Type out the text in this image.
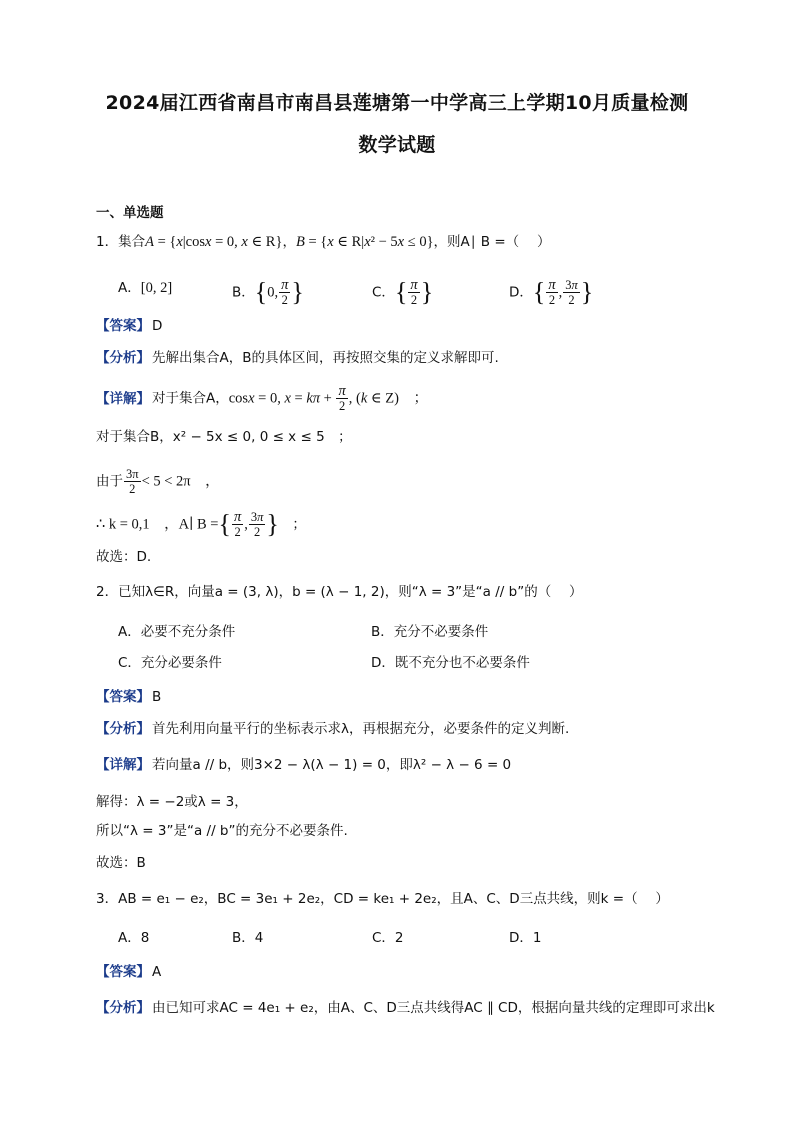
2024届江西省南昌市南昌县莲塘第一中学高三上学期10月质量检测
数学试题
一、单选题
1．集合A = {x|cosx = 0, x ∈ R}，B = {x ∈ R|x² − 5x ≤ 0}，则A∣ B =（　 ）
A．[0, 2]	B．{0, $\frac{\pi}{2}$ }	C．{ $\frac{\pi}{2}$ }	D．{ $\frac{\pi}{2}$ , $\frac{3\pi}{2}$ }
【答案】 D
【分析】 先解出集合A，B的具体区间，再按照交集的定义求解即可.
【详解】 对于集合A，cosx = 0, $x = k\pi + \frac{\pi}{2}$ , (k ∈ Z)　；
对于集合B，x² − 5x ≤ 0, 0 ≤ x ≤ 5　；
由于 $\frac{3\pi}{2} < 5 < 2\pi$　，
∴ k = 0,1　，A∣ B ={ $\frac{\pi}{2}$ , $\frac{3\pi}{2}$ }　；
故选：D.
2．已知λ∈R，向量a = (3, λ)，b = (λ − 1, 2)，则“λ = 3”是“a // b”的（　 ）
A．必要不充分条件	B．充分不必要条件
C．充分必要条件	D．既不充分也不必要条件
【答案】 B
【分析】 首先利用向量平行的坐标表示求λ，再根据充分，必要条件的定义判断.
【详解】 若向量a // b，则3×2 − λ(λ − 1) = 0，即λ² − λ − 6 = 0
解得：λ = −2或λ = 3，
所以“λ = 3”是“a // b”的充分不必要条件.
故选：B
3．AB = e₁ − e₂，BC = 3e₁ + 2e₂，CD = ke₁ + 2e₂，且A、C、D三点共线，则k =（　 ）
A．8	B．4	C．2	D．1
【答案】 A
【分析】 由已知可求AC = 4e₁ + e₂，由A、C、D三点共线得AC ∥ CD，根据向量共线的定理即可求出k
